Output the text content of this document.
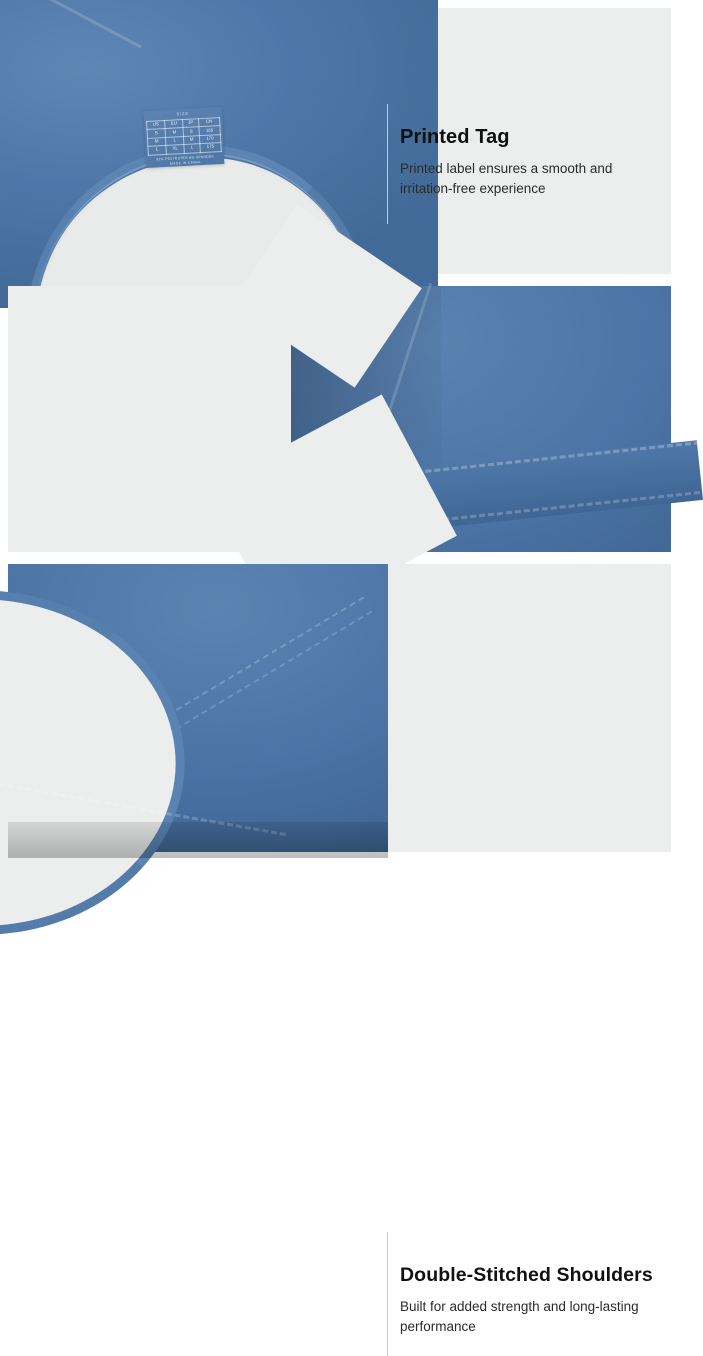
SIZE
US	EU	JP	CN
S	M	S	165
M	L	M	170
L	XL	L	175
92% POLYESTER 8% SPANDEX
MADE IN CHINA

Printed Tag

Printed label ensures a smooth and irritation-free experience

Double-Stitched Shoulders

Built for added strength and long-lasting performance
